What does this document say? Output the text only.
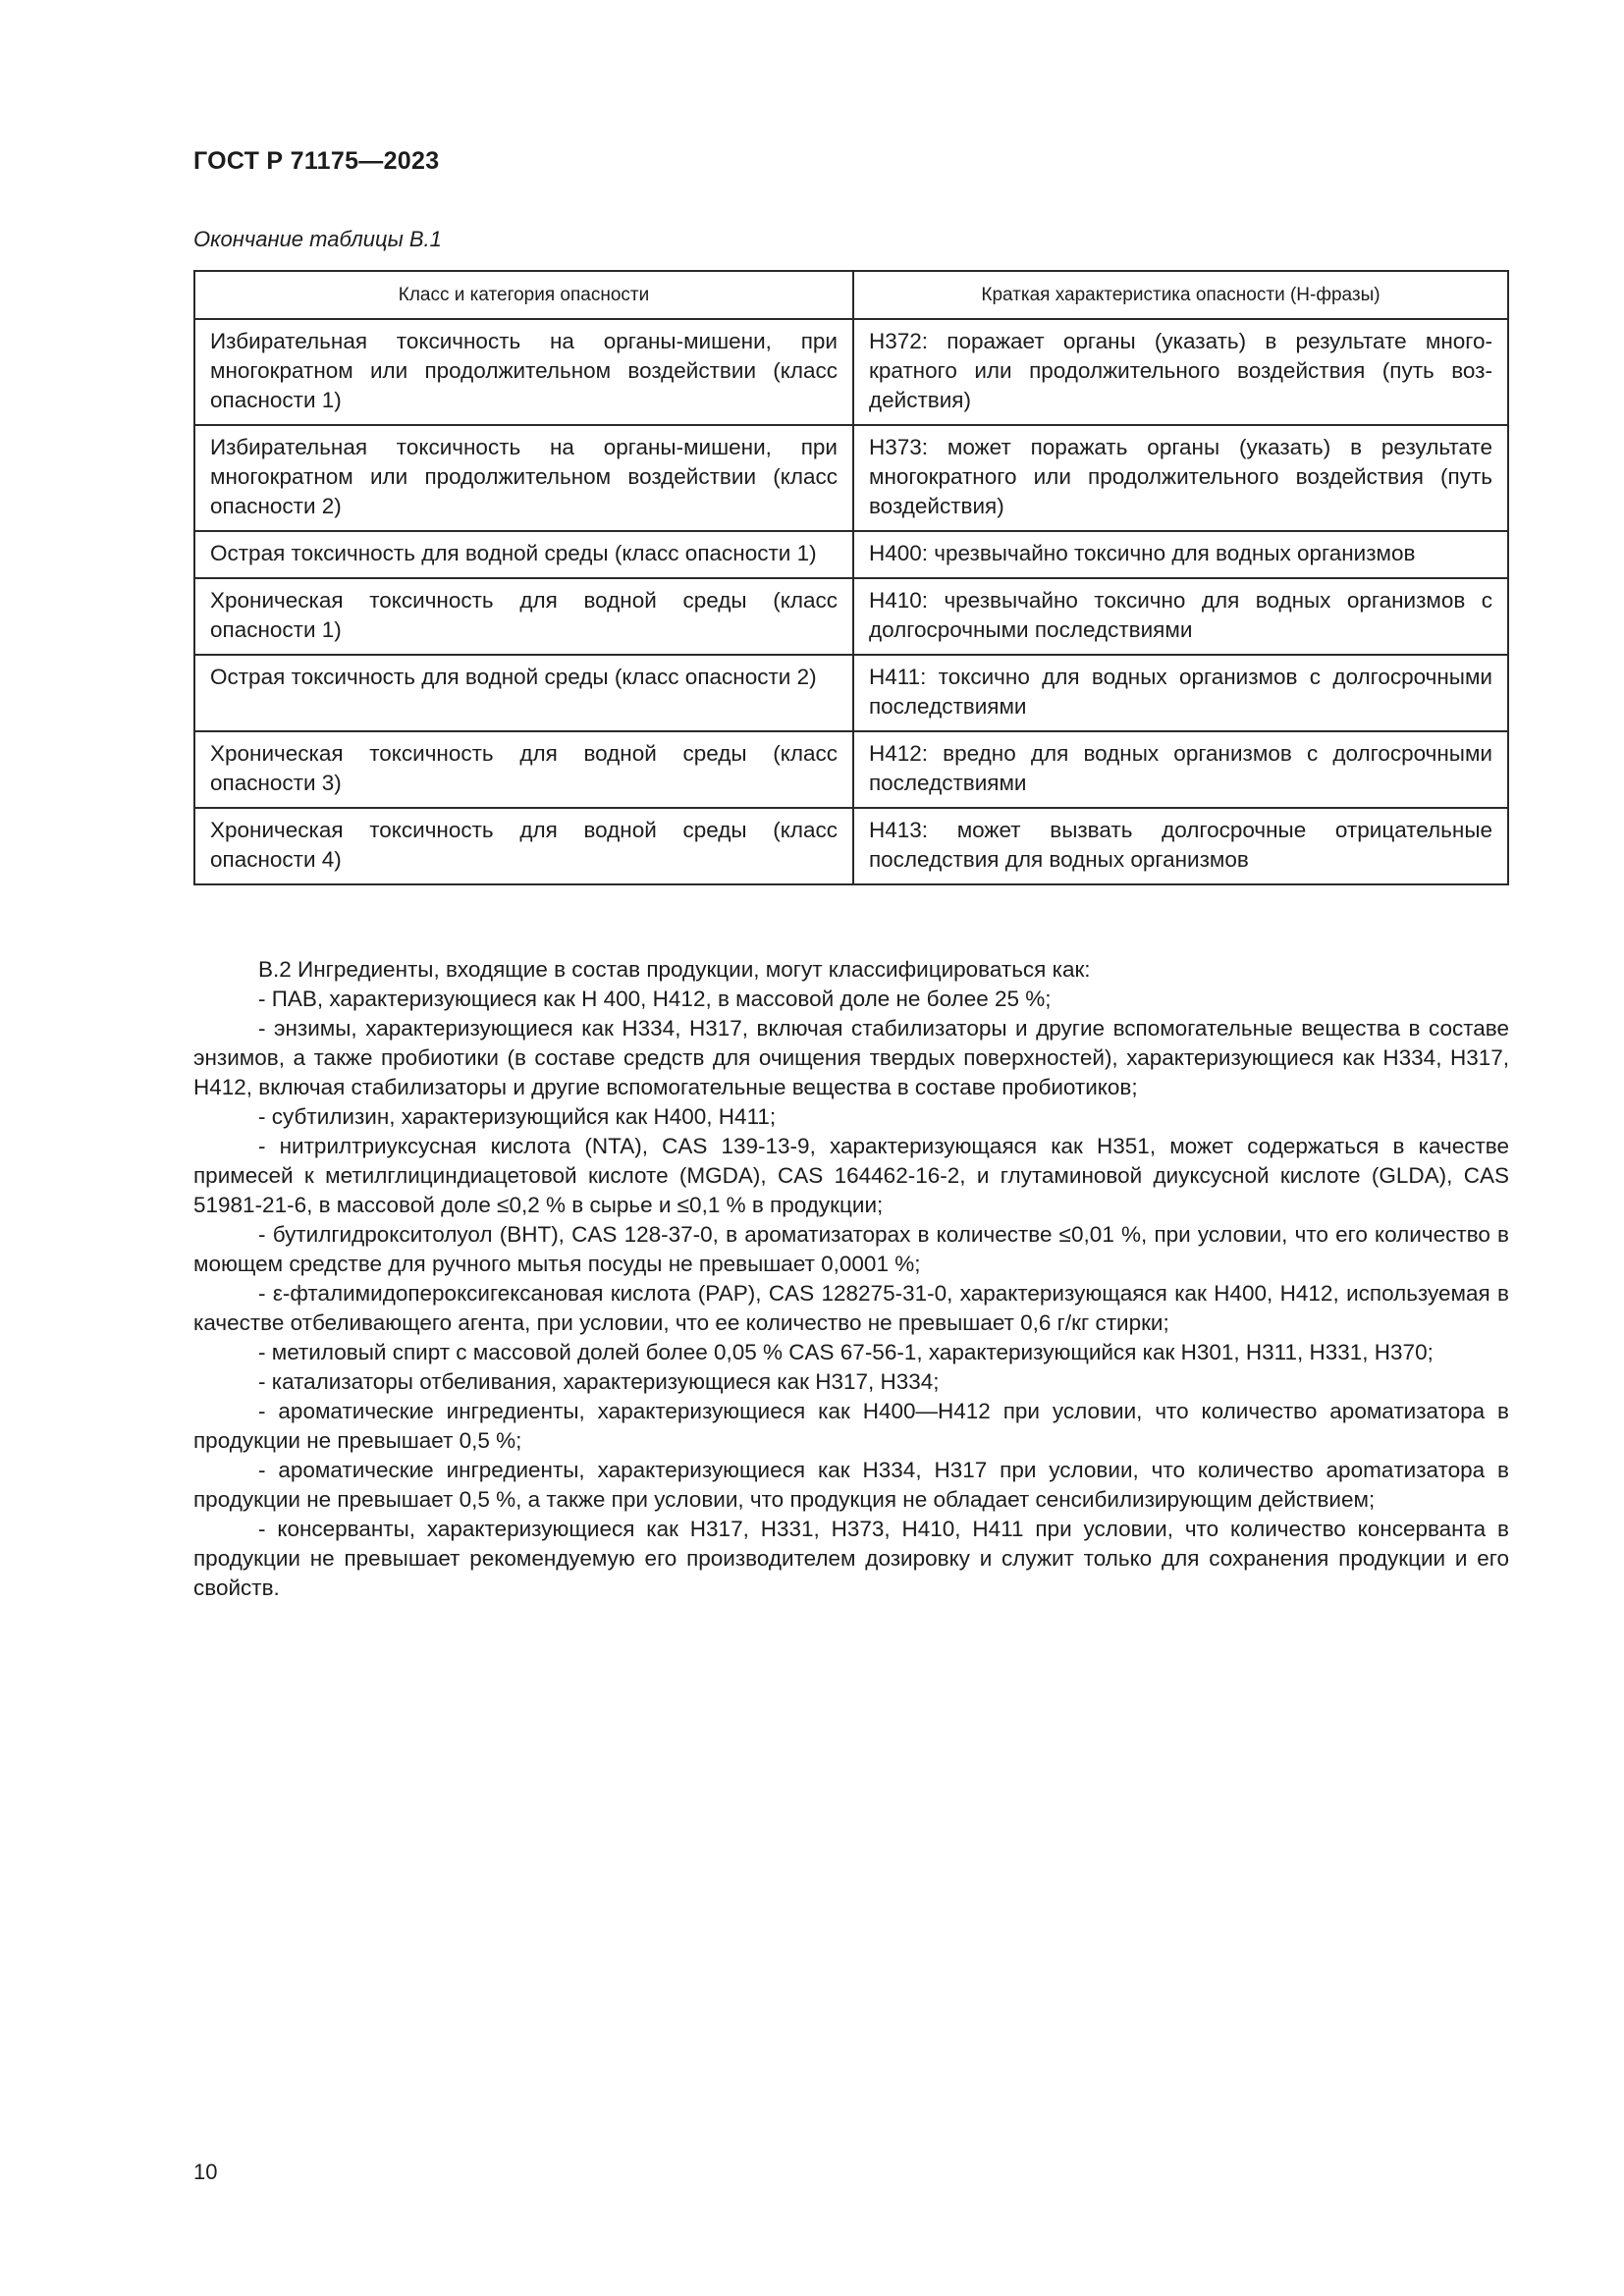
ГОСТ Р 71175—2023
Окончание таблицы В.1
Класс и категория опасности	Краткая характеристика опасности (Н-фразы)
Избирательная токсичность на органы-мишени, при многократном или продолжительном воздействии (класс опасности 1)	Н372: поражает органы (указать) в результате многократного или продолжительного воздействия (путь воздействия)
Избирательная токсичность на органы-мишени, при многократном или продолжительном воздействии (класс опасности 2)	Н373: может поражать органы (указать) в результате многократного или продолжительного воздействия (путь воздействия)
Острая токсичность для водной среды (класс опасности 1)	Н400: чрезвычайно токсично для водных организмов
Хроническая токсичность для водной среды (класс опасности 1)	Н410: чрезвычайно токсично для водных организмов с долгосрочными последствиями
Острая токсичность для водной среды (класс опасности 2)	Н411: токсично для водных организмов с долгосрочными последствиями
Хроническая токсичность для водной среды (класс опасности 3)	Н412: вредно для водных организмов с долгосрочными последствиями
Хроническая токсичность для водной среды (класс опасности 4)	Н413: может вызвать долгосрочные отрицательные последствия для водных организмов

В.2 Ингредиенты, входящие в состав продукции, могут классифицироваться как:

- ПАВ, характеризующиеся как Н 400, Н412, в массовой доле не более 25 %;

- энзимы, характеризующиеся как Н334, Н317, включая стабилизаторы и другие вспомогательные вещества в составе энзимов, а также пробиотики (в составе средств для очищения твердых поверхностей), характеризующиеся как Н334, Н317, Н412, включая стабилизаторы и другие вспомогательные вещества в составе пробиотиков;

- субтилизин, характеризующийся как Н400, Н411;

- нитрилтриуксусная кислота (NTA), CAS 139-13-9, характеризующаяся как Н351, может содержаться в качестве примесей к метилглициндиацетовой кислоте (MGDA), CAS 164462-16-2, и глутаминовой диуксусной кислоте (GLDA), CAS 51981-21-6, в массовой доле ≤0,2 % в сырье и ≤0,1 % в продукции;

- бутилгидрокситолуол (ВНТ), CAS 128-37-0, в ароматизаторах в количестве ≤0,01 %, при условии, что его количество в моющем средстве для ручного мытья посуды не превышает 0,0001 %;

- ε-фталимидопероксигексановая кислота (РАР), CAS 128275-31-0, характеризующаяся как Н400, Н412, используемая в качестве отбеливающего агента, при условии, что ее количество не превышает 0,6 г/кг стирки;

- метиловый спирт с массовой долей более 0,05 % CAS 67-56-1, характеризующийся как Н301, Н311, Н331, Н370;

- катализаторы отбеливания, характеризующиеся как Н317, Н334;

- ароматические ингредиенты, характеризующиеся как Н400—Н412 при условии, что количество ароматизатора в продукции не превышает 0,5 %;

- ароматические ингредиенты, характеризующиеся как Н334, Н317 при условии, что количество арomaтизатора в продукции не превышает 0,5 %, а также при условии, что продукция не обладает сенсибилизирующим действием;

- консерванты, характеризующиеся как Н317, Н331, Н373, Н410, Н411 при условии, что количество консерванта в продукции не превышает рекомендуемую его производителем дозировку и служит только для сохранения продукции и его свойств.

10
